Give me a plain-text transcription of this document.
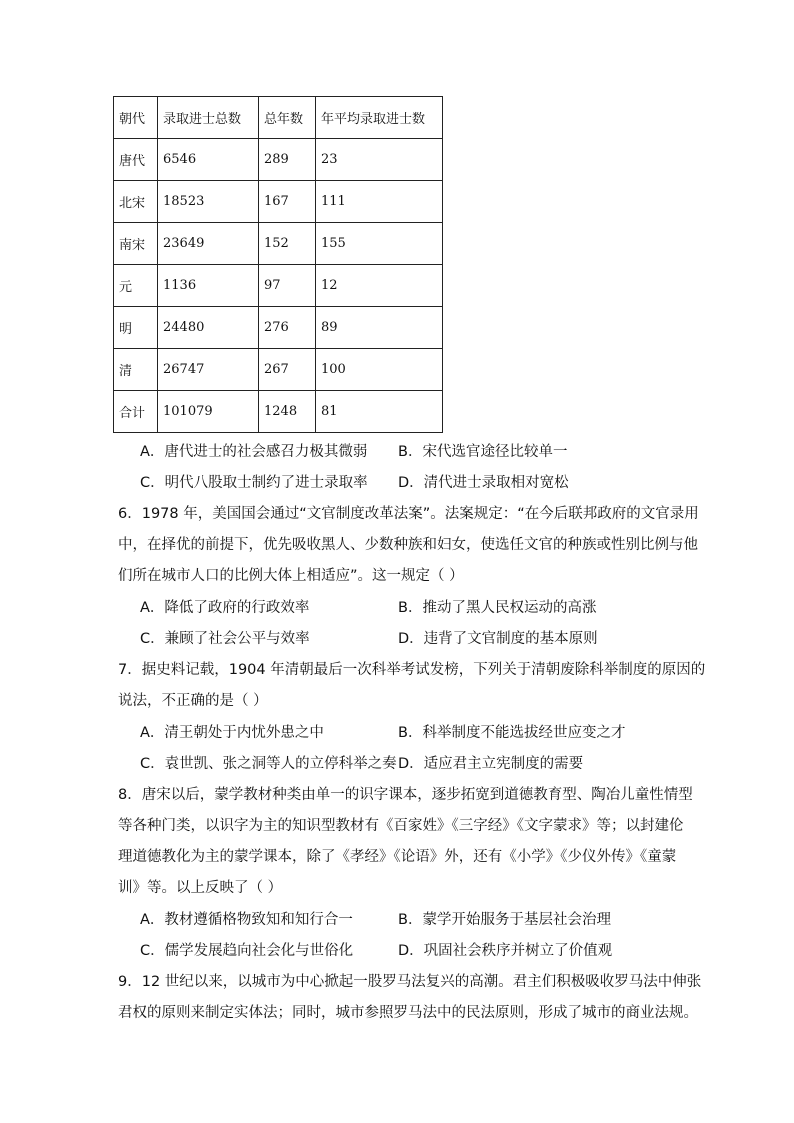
朝代	录取进士总数	总年数	年平均录取进士数
唐代	6546	289	23
北宋	18523	167	111
南宋	23649	152	155
元	1136	97	12
明	24480	276	89
清	26747	267	100
合计	101079	1248	81
A．唐代进士的社会感召力极其微弱 B．宋代选官途径比较单一
C．明代八股取士制约了进士录取率 D．清代进士录取相对宽松
6．1978 年，美国国会通过“文官制度改革法案”。法案规定：“在今后联邦政府的文官录用
中，在择优的前提下，优先吸收黑人、少数种族和妇女，使选任文官的种族或性别比例与他
们所在城市人口的比例大体上相适应”。这一规定（ ）
A．降低了政府的行政效率	B．推动了黑人民权运动的高涨
C．兼顾了社会公平与效率	D．违背了文官制度的基本原则
7．据史料记载，1904 年清朝最后一次科举考试发榜，下列关于清朝废除科举制度的原因的
说法，不正确的是（ ）
A．清王朝处于内忧外患之中	B．科举制度不能选拔经世应变之才
C．袁世凯、张之洞等人的立停科举之奏 D．适应君主立宪制度的需要
8．唐宋以后，蒙学教材种类由单一的识字课本，逐步拓宽到道德教育型、陶冶儿童性情型
等各种门类，以识字为主的知识型教材有《百家姓》《三字经》《文字蒙求》等；以封建伦
理道德教化为主的蒙学课本，除了《孝经》《论语》外，还有《小学》《少仪外传》《童蒙
训》等。以上反映了（ ）
A．教材遵循格物致知和知行合一	B．蒙学开始服务于基层社会治理
C．儒学发展趋向社会化与世俗化	D．巩固社会秩序并树立了价值观
9．12 世纪以来，以城市为中心掀起一股罗马法复兴的高潮。君主们积极吸收罗马法中伸张
君权的原则来制定实体法；同时，城市参照罗马法中的民法原则，形成了城市的商业法规。
